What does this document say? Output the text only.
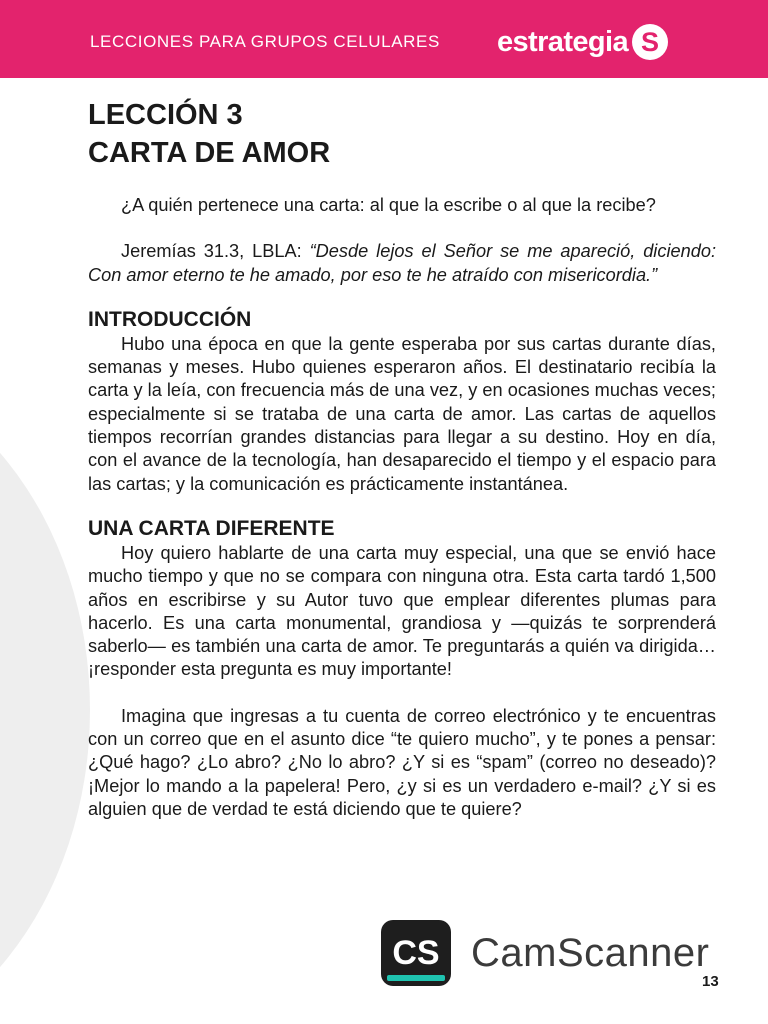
LECCIONES PARA GRUPOS CELULARES estrategia S
LECCIÓN 3
CARTA DE AMOR

¿A quién pertenece una carta: al que la escribe o al que la recibe?

Jeremías 31.3, LBLA: “Desde lejos el Señor se me apareció, diciendo: Con amor eterno te he amado, por eso te he atraído con misericordia.”

INTRODUCCIÓN

Hubo una época en que la gente esperaba por sus cartas durante días, semanas y meses. Hubo quienes esperaron años. El destinatario recibía la carta y la leía, con frecuencia más de una vez, y en ocasiones muchas veces; especialmente si se trataba de una carta de amor. Las cartas de aquellos tiempos recorrían grandes distancias para llegar a su destino. Hoy en día, con el avance de la tecnología, han desaparecido el tiempo y el espacio para las cartas; y la comunicación es prácticamente instantánea.

UNA CARTA DIFERENTE

Hoy quiero hablarte de una carta muy especial, una que se envió hace mucho tiempo y que no se compara con ninguna otra. Esta carta tardó 1,500 años en escribirse y su Autor tuvo que emplear diferentes plumas para hacerlo. Es una carta monumental, grandiosa y —quizás te sorprenderá saberlo— es también una carta de amor. Te preguntarás a quién va dirigida… ¡responder esta pregunta es muy importante!

Imagina que ingresas a tu cuenta de correo electrónico y te encuentras con un correo que en el asunto dice “te quiero mucho”, y te pones a pensar: ¿Qué hago? ¿Lo abro? ¿No lo abro? ¿Y si es “spam” (correo no deseado)? ¡Mejor lo mando a la papelera! Pero, ¿y si es un verdadero e-mail? ¿Y si es alguien que de verdad te está diciendo que te quiere?

CS CamScanner
13
